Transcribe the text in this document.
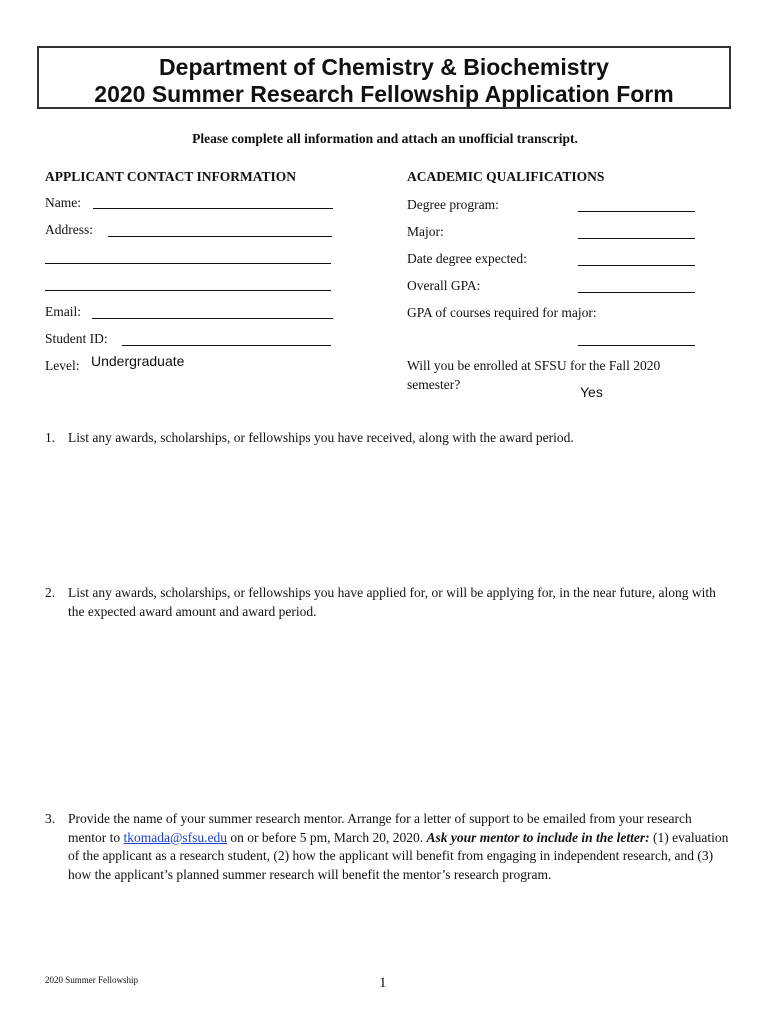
Department of Chemistry & Biochemistry
2020 Summer Research Fellowship Application Form
Please complete all information and attach an unofficial transcript.
APPLICANT CONTACT INFORMATION
Name:
Address:
Email:
Student ID:
Level: Undergraduate
ACADEMIC QUALIFICATIONS
Degree program:
Major:
Date degree expected:
Overall GPA:
GPA of courses required for major:
Will you be enrolled at SFSU for the Fall 2020
semester?	Yes
1. List any awards, scholarships, or fellowships you have received, along with the award period.
2. List any awards, scholarships, or fellowships you have applied for, or will be applying for, in the near future, along with the expected award amount and award period.
3. Provide the name of your summer research mentor. Arrange for a letter of support to be emailed from your research mentor to tkomada@sfsu.edu on or before 5 pm, March 20, 2020. Ask your mentor to include in the letter: (1) evaluation of the applicant as a research student, (2) how the applicant will benefit from engaging in independent research, and (3) how the applicant’s planned summer research will benefit the mentor’s research program.
2020 Summer Fellowship	1
